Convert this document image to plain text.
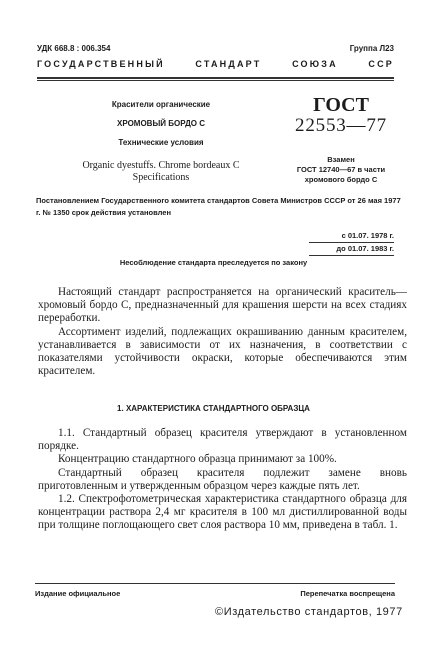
УДК 668.8 : 006.354	Группа Л23
ГОСУДАРСТВЕННЫЙ СТАНДАРТ СОЮЗА ССР
Красители органические
ХРОМОВЫЙ БОРДО С
Технические условия
Organic dyestuffs. Chrome bordeaux C
Specifications
ГОСТ
22553—77
Взамен
ГОСТ 12740—67 в части
хромового бордо С
Постановлением Государственного комитета стандартов Совета Министров СССР от 26 мая 1977 г. № 1350 срок действия установлен
с 01.07. 1978 г.
до 01.07. 1983 г.
Несоблюдение стандарта преследуется по закону

Настоящий стандарт распространяется на органический краситель—хромовый бордо С, предназначенный для крашения шерсти на всех стадиях переработки.

Ассортимент изделий, подлежащих окрашиванию данным красителем, устанавливается в зависимости от их назначения, в соответствии с показателями устойчивости окраски, которые обеспечиваются этим красителем.

1. ХАРАКТЕРИСТИКА СТАНДАРТНОГО ОБРАЗЦА

1.1. Стандартный образец красителя утверждают в установленном порядке.

Концентрацию стандартного образца принимают за 100%.

Стандартный образец красителя подлежит замене вновь приготовленным и утвержденным образцом через каждые пять лет.

1.2. Спектрофотометрическая характеристика стандартного образца для концентрации раствора 2,4 мг красителя в 100 мл дистиллированной воды при толщине поглощающего свет слоя раствора 10 мм, приведена в табл. 1.

Издание официальное	Перепечатка воспрещена
©Издательство стандартов, 1977
